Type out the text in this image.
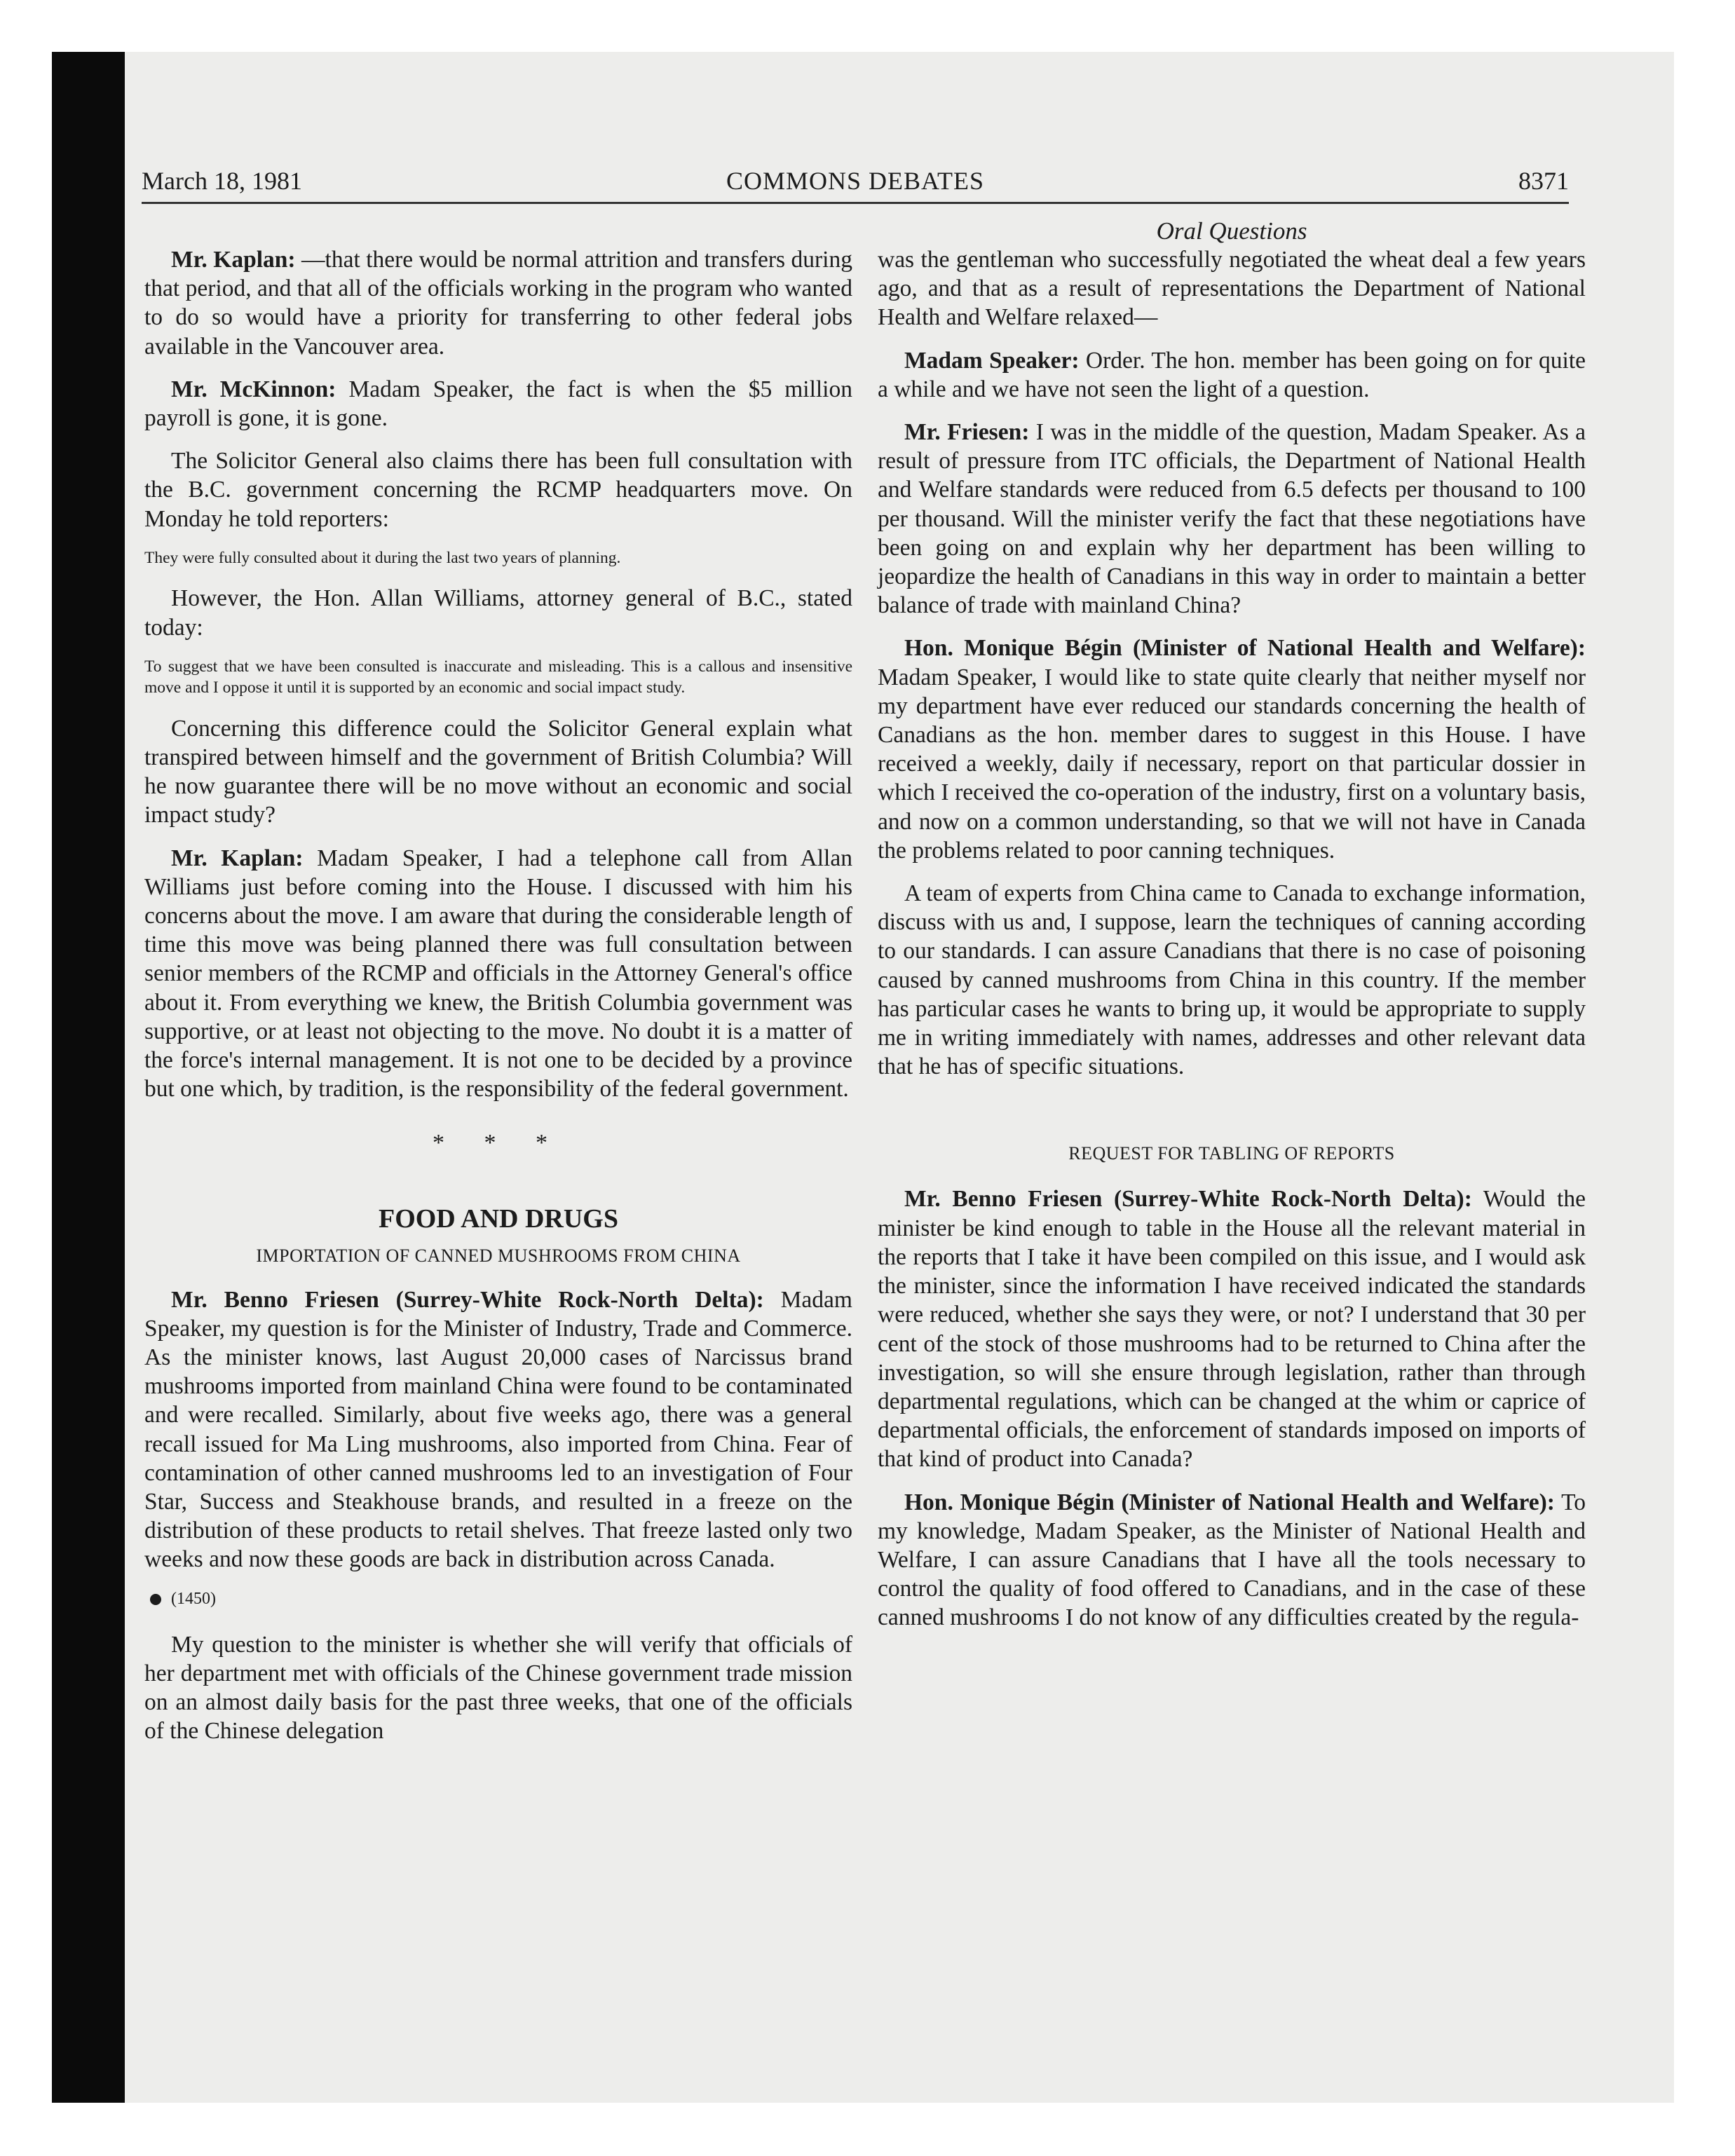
March 18, 1981	COMMONS DEBATES	8371
Oral Questions

Mr. Kaplan: —that there would be normal attrition and transfers during that period, and that all of the officials working in the program who wanted to do so would have a priority for transferring to other federal jobs available in the Vancouver area.

Mr. McKinnon: Madam Speaker, the fact is when the $5 million payroll is gone, it is gone.

The Solicitor General also claims there has been full consultation with the B.C. government concerning the RCMP headquarters move. On Monday he told reporters:

They were fully consulted about it during the last two years of planning.

However, the Hon. Allan Williams, attorney general of B.C., stated today:

To suggest that we have been consulted is inaccurate and misleading. This is a callous and insensitive move and I oppose it until it is supported by an economic and social impact study.

Concerning this difference could the Solicitor General explain what transpired between himself and the government of British Columbia? Will he now guarantee there will be no move without an economic and social impact study?

Mr. Kaplan: Madam Speaker, I had a telephone call from Allan Williams just before coming into the House. I discussed with him his concerns about the move. I am aware that during the considerable length of time this move was being planned there was full consultation between senior members of the RCMP and officials in the Attorney General's office about it. From everything we knew, the British Columbia government was supportive, or at least not objecting to the move. No doubt it is a matter of the force's internal management. It is not one to be decided by a province but one which, by tradition, is the responsibility of the federal government.

* * *
FOOD AND DRUGS
IMPORTATION OF CANNED MUSHROOMS FROM CHINA

Mr. Benno Friesen (Surrey-White Rock-North Delta): Madam Speaker, my question is for the Minister of Industry, Trade and Commerce. As the minister knows, last August 20,000 cases of Narcissus brand mushrooms imported from mainland China were found to be contaminated and were recalled. Similarly, about five weeks ago, there was a general recall issued for Ma Ling mushrooms, also imported from China. Fear of contamination of other canned mushrooms led to an investigation of Four Star, Success and Steakhouse brands, and resulted in a freeze on the distribution of these products to retail shelves. That freeze lasted only two weeks and now these goods are back in distribution across Canada.

(1450)

My question to the minister is whether she will verify that officials of her department met with officials of the Chinese government trade mission on an almost daily basis for the past three weeks, that one of the officials of the Chinese delegation

was the gentleman who successfully negotiated the wheat deal a few years ago, and that as a result of representations the Department of National Health and Welfare relaxed—

Madam Speaker: Order. The hon. member has been going on for quite a while and we have not seen the light of a question.

Mr. Friesen: I was in the middle of the question, Madam Speaker. As a result of pressure from ITC officials, the Department of National Health and Welfare standards were reduced from 6.5 defects per thousand to 100 per thousand. Will the minister verify the fact that these negotiations have been going on and explain why her department has been willing to jeopardize the health of Canadians in this way in order to maintain a better balance of trade with mainland China?

Hon. Monique Bégin (Minister of National Health and Welfare): Madam Speaker, I would like to state quite clearly that neither myself nor my department have ever reduced our standards concerning the health of Canadians as the hon. member dares to suggest in this House. I have received a weekly, daily if necessary, report on that particular dossier in which I received the co-operation of the industry, first on a voluntary basis, and now on a common understanding, so that we will not have in Canada the problems related to poor canning techniques.

A team of experts from China came to Canada to exchange information, discuss with us and, I suppose, learn the techniques of canning according to our standards. I can assure Canadians that there is no case of poisoning caused by canned mushrooms from China in this country. If the member has particular cases he wants to bring up, it would be appropriate to supply me in writing immediately with names, addresses and other relevant data that he has of specific situations.

REQUEST FOR TABLING OF REPORTS

Mr. Benno Friesen (Surrey-White Rock-North Delta): Would the minister be kind enough to table in the House all the relevant material in the reports that I take it have been compiled on this issue, and I would ask the minister, since the information I have received indicated the standards were reduced, whether she says they were, or not? I understand that 30 per cent of the stock of those mushrooms had to be returned to China after the investigation, so will she ensure through legislation, rather than through departmental regulations, which can be changed at the whim or caprice of departmental officials, the enforcement of standards imposed on imports of that kind of product into Canada?

Hon. Monique Bégin (Minister of National Health and Welfare): To my knowledge, Madam Speaker, as the Minister of National Health and Welfare, I can assure Canadians that I have all the tools necessary to control the quality of food offered to Canadians, and in the case of these canned mushrooms I do not know of any difficulties created by the regula-
